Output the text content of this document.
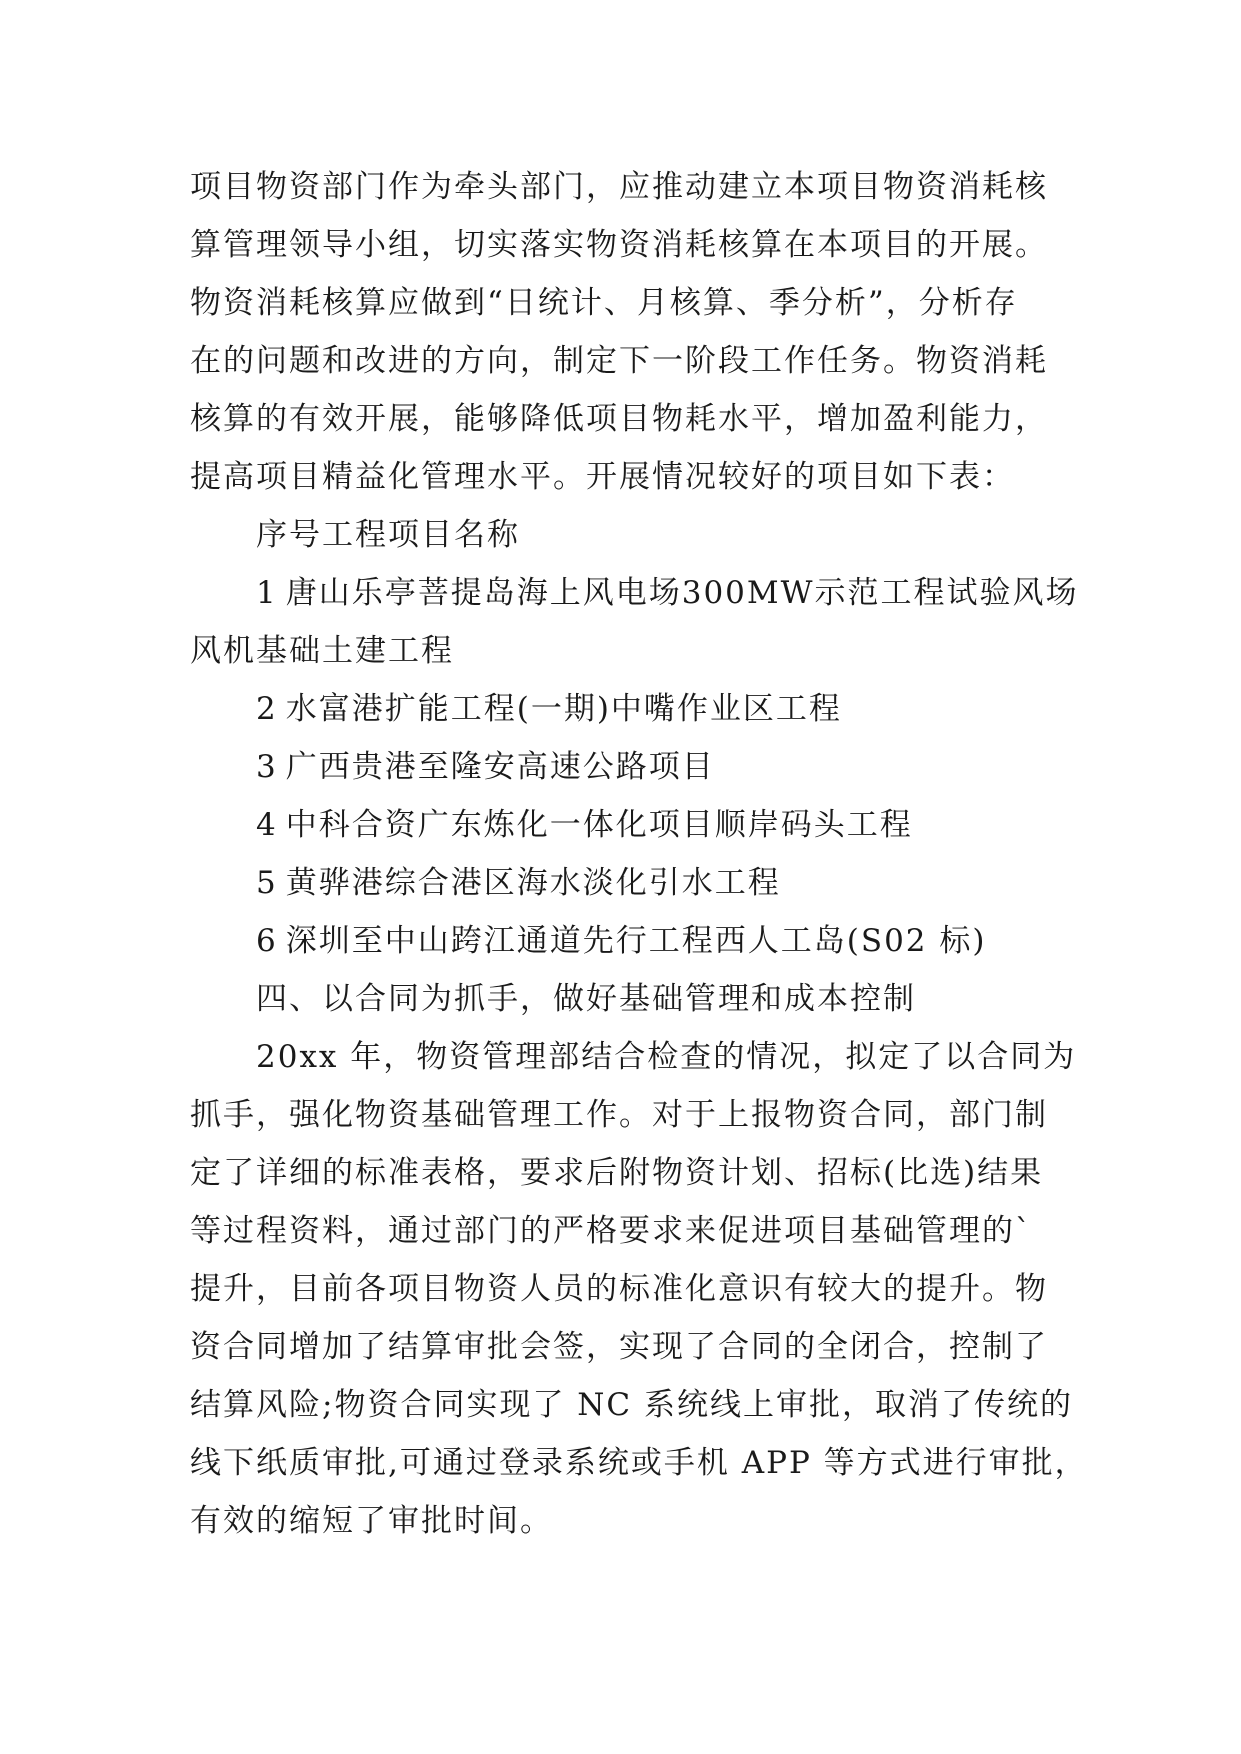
项目物资部门作为牵头部门，应推动建立本项目物资消耗核
算管理领导小组，切实落实物资消耗核算在本项目的开展。
物资消耗核算应做到“日统计、月核算、季分析”，分析存
在的问题和改进的方向，制定下一阶段工作任务。物资消耗
核算的有效开展，能够降低项目物耗水平，增加盈利能力，
提高项目精益化管理水平。开展情况较好的项目如下表：
序号工程项目名称
1 唐山乐亭菩提岛海上风电场300MW示范工程试验风场
风机基础土建工程
2 水富港扩能工程(一期)中嘴作业区工程
3 广西贵港至隆安高速公路项目
4 中科合资广东炼化一体化项目顺岸码头工程
5 黄骅港综合港区海水淡化引水工程
6 深圳至中山跨江通道先行工程西人工岛(S02 标)
四、以合同为抓手，做好基础管理和成本控制
20xx 年，物资管理部结合检查的情况，拟定了以合同为
抓手，强化物资基础管理工作。对于上报物资合同，部门制
定了详细的标准表格，要求后附物资计划、招标(比选)结果
等过程资料，通过部门的严格要求来促进项目基础管理的`
提升，目前各项目物资人员的标准化意识有较大的提升。物
资合同增加了结算审批会签，实现了合同的全闭合，控制了
结算风险;物资合同实现了 NC 系统线上审批，取消了传统的
线下纸质审批,可通过登录系统或手机 APP 等方式进行审批，
有效的缩短了审批时间。
